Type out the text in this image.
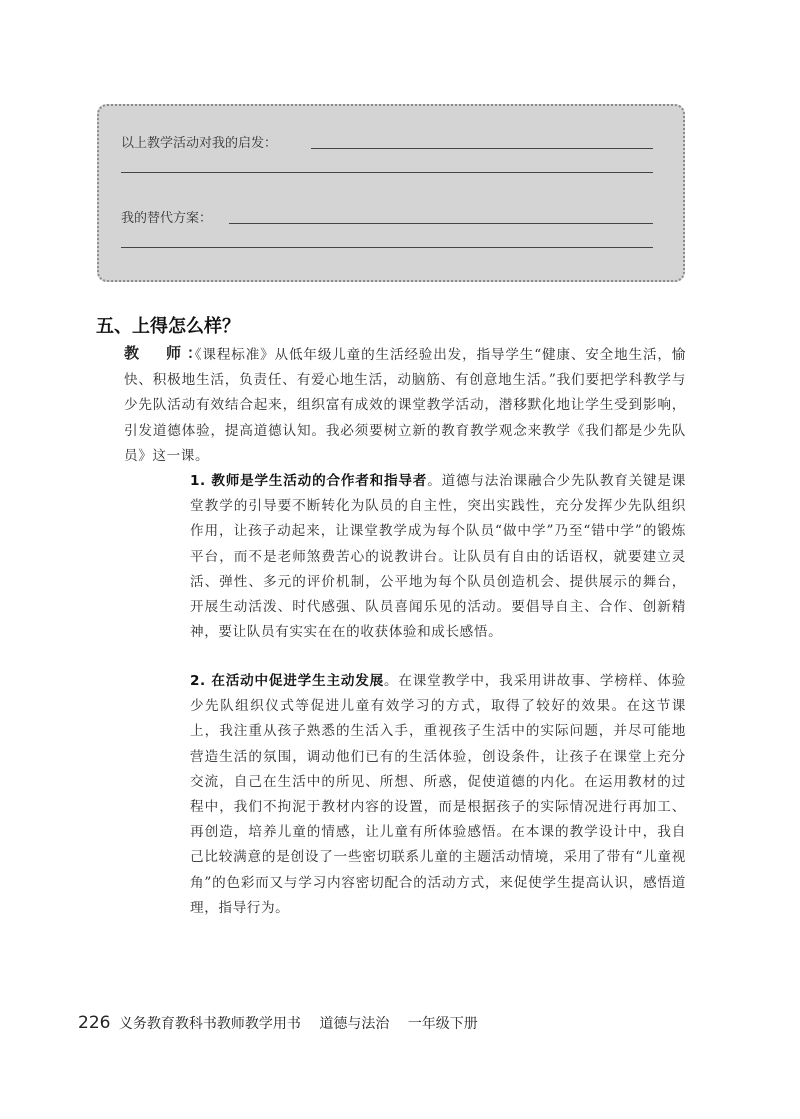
以上教学活动对我的启发：
我的替代方案：
五、上得怎么样？
教　师：
《课程标准》从低年级儿童的生活经验出发，指导学生“健康、安全地生活，愉快、积极地生活，负责任、有爱心地生活，动脑筋、有创意地生活。”我们要把学科教学与少先队活动有效结合起来，组织富有成效的课堂教学活动，潜移默化地让学生受到影响，引发道德体验，提高道德认知。我必须要树立新的教育教学观念来教学《我们都是少先队员》这一课。
1. 教师是学生活动的合作者和指导者。道德与法治课融合少先队教育关键是课堂教学的引导要不断转化为队员的自主性，突出实践性，充分发挥少先队组织作用，让孩子动起来，让课堂教学成为每个队员“做中学”乃至“错中学”的锻炼平台，而不是老师煞费苦心的说教讲台。让队员有自由的话语权，就要建立灵活、弹性、多元的评价机制，公平地为每个队员创造机会、提供展示的舞台，开展生动活泼、时代感强、队员喜闻乐见的活动。要倡导自主、合作、创新精神，要让队员有实实在在的收获体验和成长感悟。
2. 在活动中促进学生主动发展。在课堂教学中，我采用讲故事、学榜样、体验少先队组织仪式等促进儿童有效学习的方式，取得了较好的效果。在这节课上，我注重从孩子熟悉的生活入手，重视孩子生活中的实际问题，并尽可能地营造生活的氛围，调动他们已有的生活体验，创设条件，让孩子在课堂上充分交流，自己在生活中的所见、所想、所惑，促使道德的内化。在运用教材的过程中，我们不拘泥于教材内容的设置，而是根据孩子的实际情况进行再加工、再创造，培养儿童的情感，让儿童有所体验感悟。在本课的教学设计中，我自己比较满意的是创设了一些密切联系儿童的主题活动情境，采用了带有“儿童视角”的色彩而又与学习内容密切配合的活动方式，来促使学生提高认识，感悟道理，指导行为。
226 义务教育教科书教师教学用书 道德与法治 一年级下册
